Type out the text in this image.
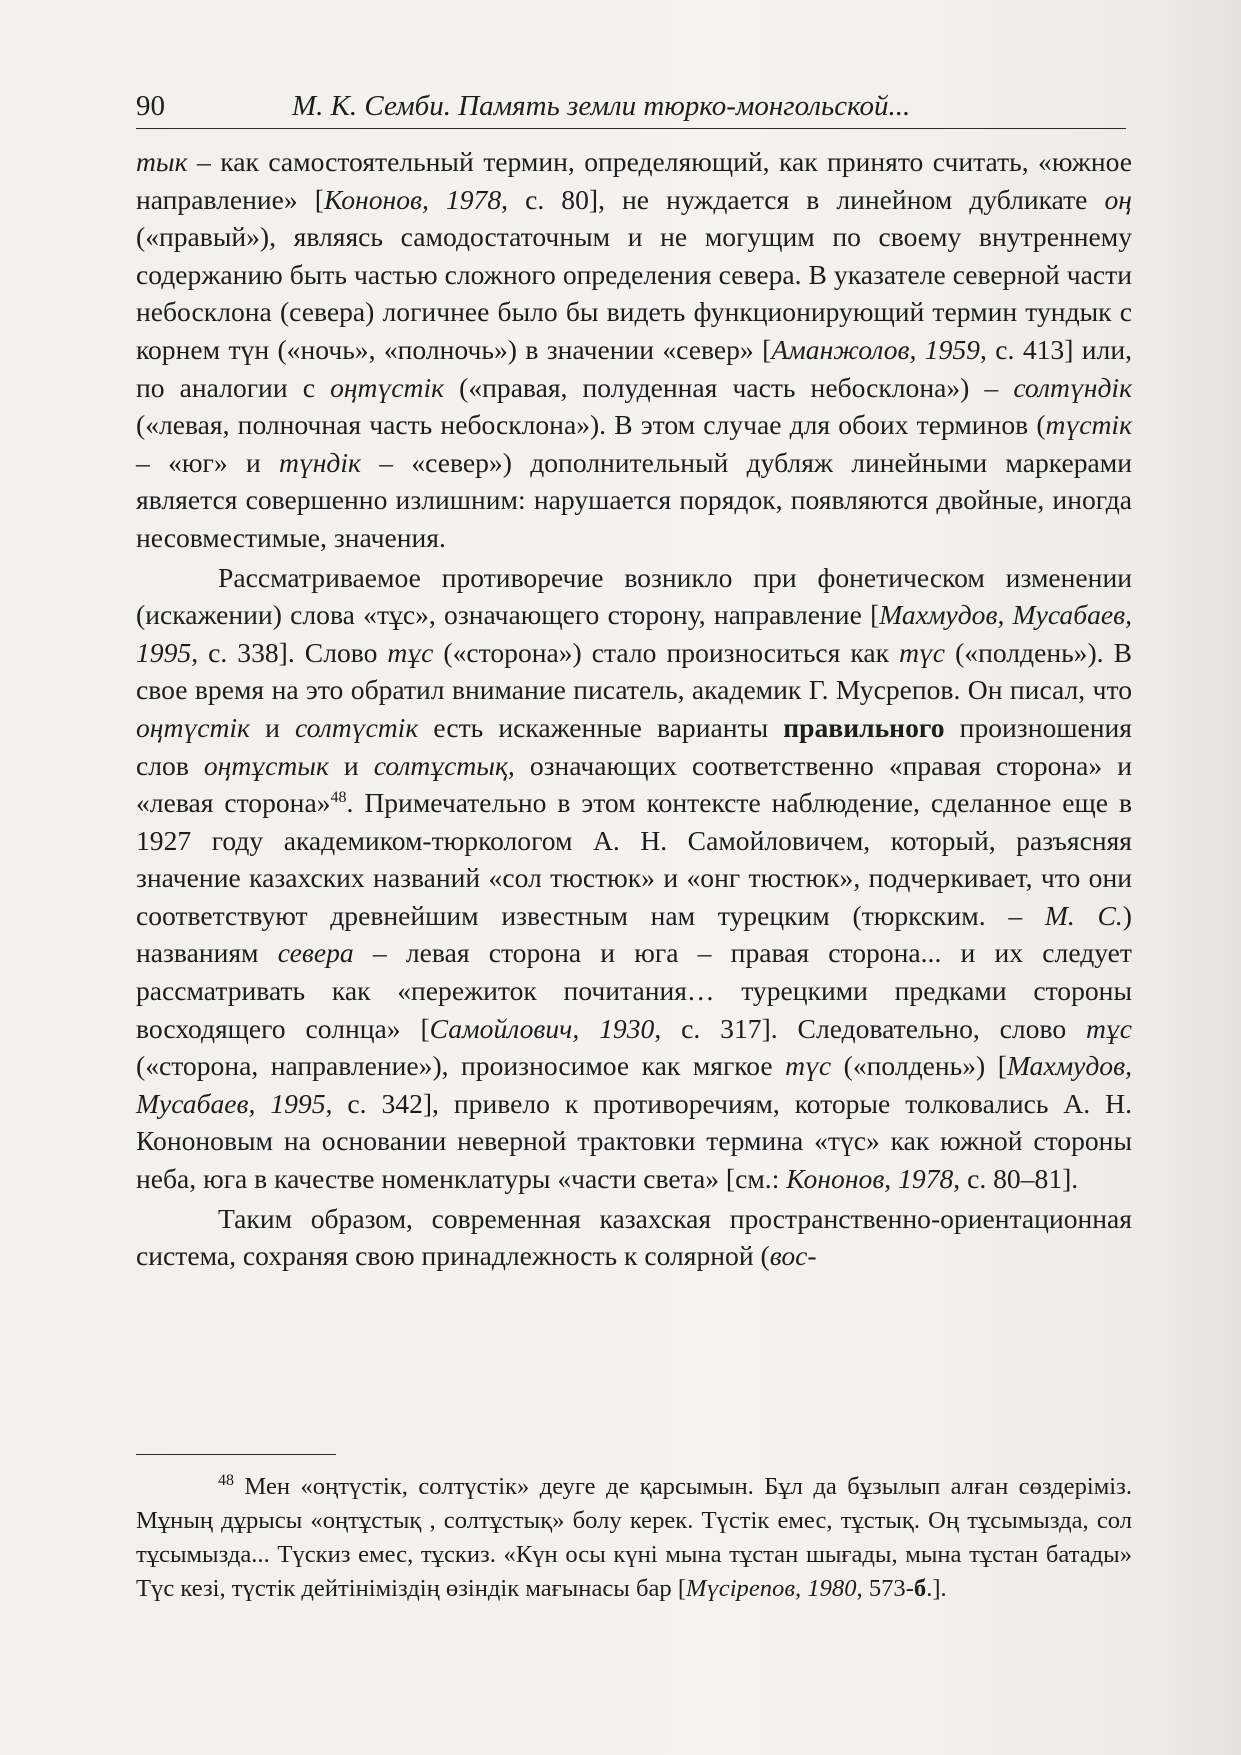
90	М. К. Семби. Память земли тюрко-монгольской...

тык – как самостоятельный термин, определяющий, как принято считать, «южное направление» [Кононов, 1978, с. 80], не нуждается в линейном дубликате оң («правый»), являясь самодостаточным и не могущим по своему внутреннему содержанию быть частью сложного определения севера. В указателе северной части небосклона (севера) логичнее было бы видеть функционирующий термин тундык с корнем түн («ночь», «полночь») в значении «север» [Аманжолов, 1959, с. 413] или, по аналогии с оңтүстік («правая, полуденная часть небосклона») – солтүндік («левая, полночная часть небосклона»). В этом случае для обоих терминов (түстік – «юг» и түндік – «север») дополнительный дубляж линейными маркерами является совершенно излишним: нарушается порядок, появляются двойные, иногда несовместимые, значения.

Рассматриваемое противоречие возникло при фонетическом изменении (искажении) слова «тұс», означающего сторону, направление [Махмудов, Мусабаев, 1995, с. 338]. Слово тұс («сторона») стало произноситься как түс («полдень»). В свое время на это обратил внимание писатель, академик Г. Мусрепов. Он писал, что оңтүстік и солтүстік есть искаженные варианты правильного произношения слов оңтұстык и солтұстық, означающих соответственно «правая сторона» и «левая сторона»$^{48}$. Примечательно в этом контексте наблюдение, сделанное еще в 1927 году академиком-тюркологом А. Н. Самойловичем, который, разъясняя значение казахских названий «сол тюстюк» и «онг тюстюк», подчеркивает, что они соответствуют древнейшим известным нам турецким (тюркским. – М. С.) названиям севера – левая сторона и юга – правая сторона... и их следует рассматривать как «пережиток почитания… турецкими предками стороны восходящего солнца» [Самойлович, 1930, с. 317]. Следовательно, слово тұс («сторона, направление»), произносимое как мягкое түс («полдень») [Махмудов, Мусабаев, 1995, с. 342], привело к противоречиям, которые толковались А. Н. Кононовым на основании неверной трактовки термина «түс» как южной стороны неба, юга в качестве номенклатуры «части света» [см.: Кононов, 1978, с. 80–81].

Таким образом, современная казахская пространственно-ориентационная система, сохраняя свою принадлежность к солярной (вос-

$^{48}$ Мен «оңтүстік, солтүстік» деуге де қарсымын. Бұл да бұзылып алған сөздеріміз. Мұның дұрысы «оңтұстық , солтұстық» болу керек. Түстік емес, тұстық. Оң тұсымызда, сол тұсымызда... Түскиз емес, тұскиз. «Күн осы күні мына тұстан шығады, мына тұстан батады» Түс кезі, түстік дейтініміздің өзіндік мағынасы бар [Мүсірепов, 1980, 573-б.].
